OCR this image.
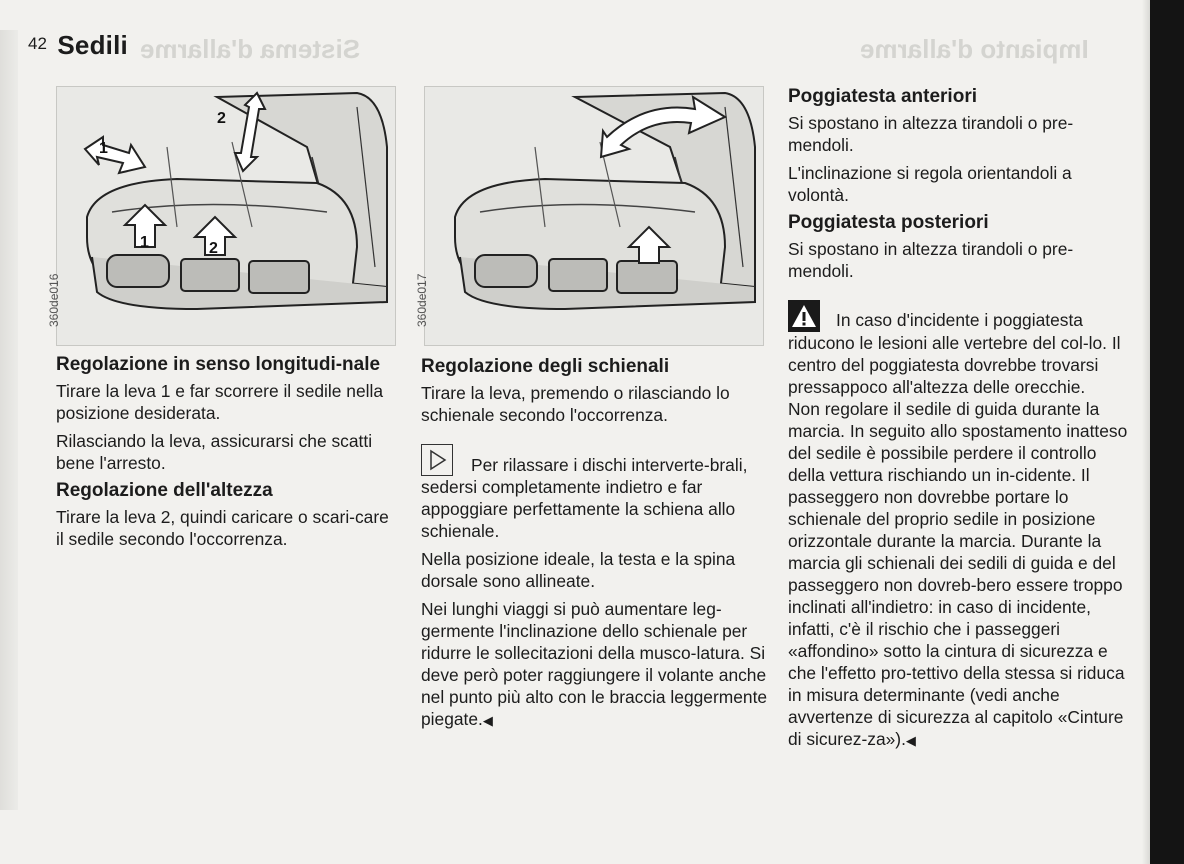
Sistema d'allarme	Impianto d'allarme
42 Sedili
1
2
1	2
360de016	360de017
Regolazione in senso longitudi-nale

Tirare la leva 1 e far scorrere il sedile nella posizione desiderata.

Rilasciando la leva, assicurarsi che scatti bene l'arresto.

Regolazione dell'altezza

Tirare la leva 2, quindi caricare o scari-care il sedile secondo l'occorrenza.

Regolazione degli schienali

Tirare la leva, premendo o rilasciando lo schienale secondo l'occorrenza.

Per rilassare i dischi interverte-brali, sedersi completamente indietro e far appoggiare perfettamente la schiena allo schienale.

Nella posizione ideale, la testa e la spina dorsale sono allineate.

Nei lunghi viaggi si può aumentare leg-germente l'inclinazione dello schienale per ridurre le sollecitazioni della musco-latura. Si deve però poter raggiungere il volante anche nel punto più alto con le braccia leggermente piegate.◀

Poggiatesta anteriori

Si spostano in altezza tirandoli o pre-mendoli.

L'inclinazione si regola orientandoli a volontà.

Poggiatesta posteriori

Si spostano in altezza tirandoli o pre-mendoli.

In caso d'incidente i poggiatesta riducono le lesioni alle vertebre del col-lo. Il centro del poggiatesta dovrebbe trovarsi pressappoco all'altezza delle orecchie.

Non regolare il sedile di guida durante la marcia. In seguito allo spostamento inatteso del sedile è possibile perdere il controllo della vettura rischiando un in-cidente. Il passeggero non dovrebbe portare lo schienale del proprio sedile in posizione orizzontale durante la marcia. Durante la marcia gli schienali dei sedili di guida e del passeggero non dovreb-bero essere troppo inclinati all'indietro: in caso di incidente, infatti, c'è il rischio che i passeggeri «affondino» sotto la cintura di sicurezza e che l'effetto pro-tettivo della stessa si riduca in misura determinante (vedi anche avvertenze di sicurezza al capitolo «Cinture di sicurez-za»).◀
